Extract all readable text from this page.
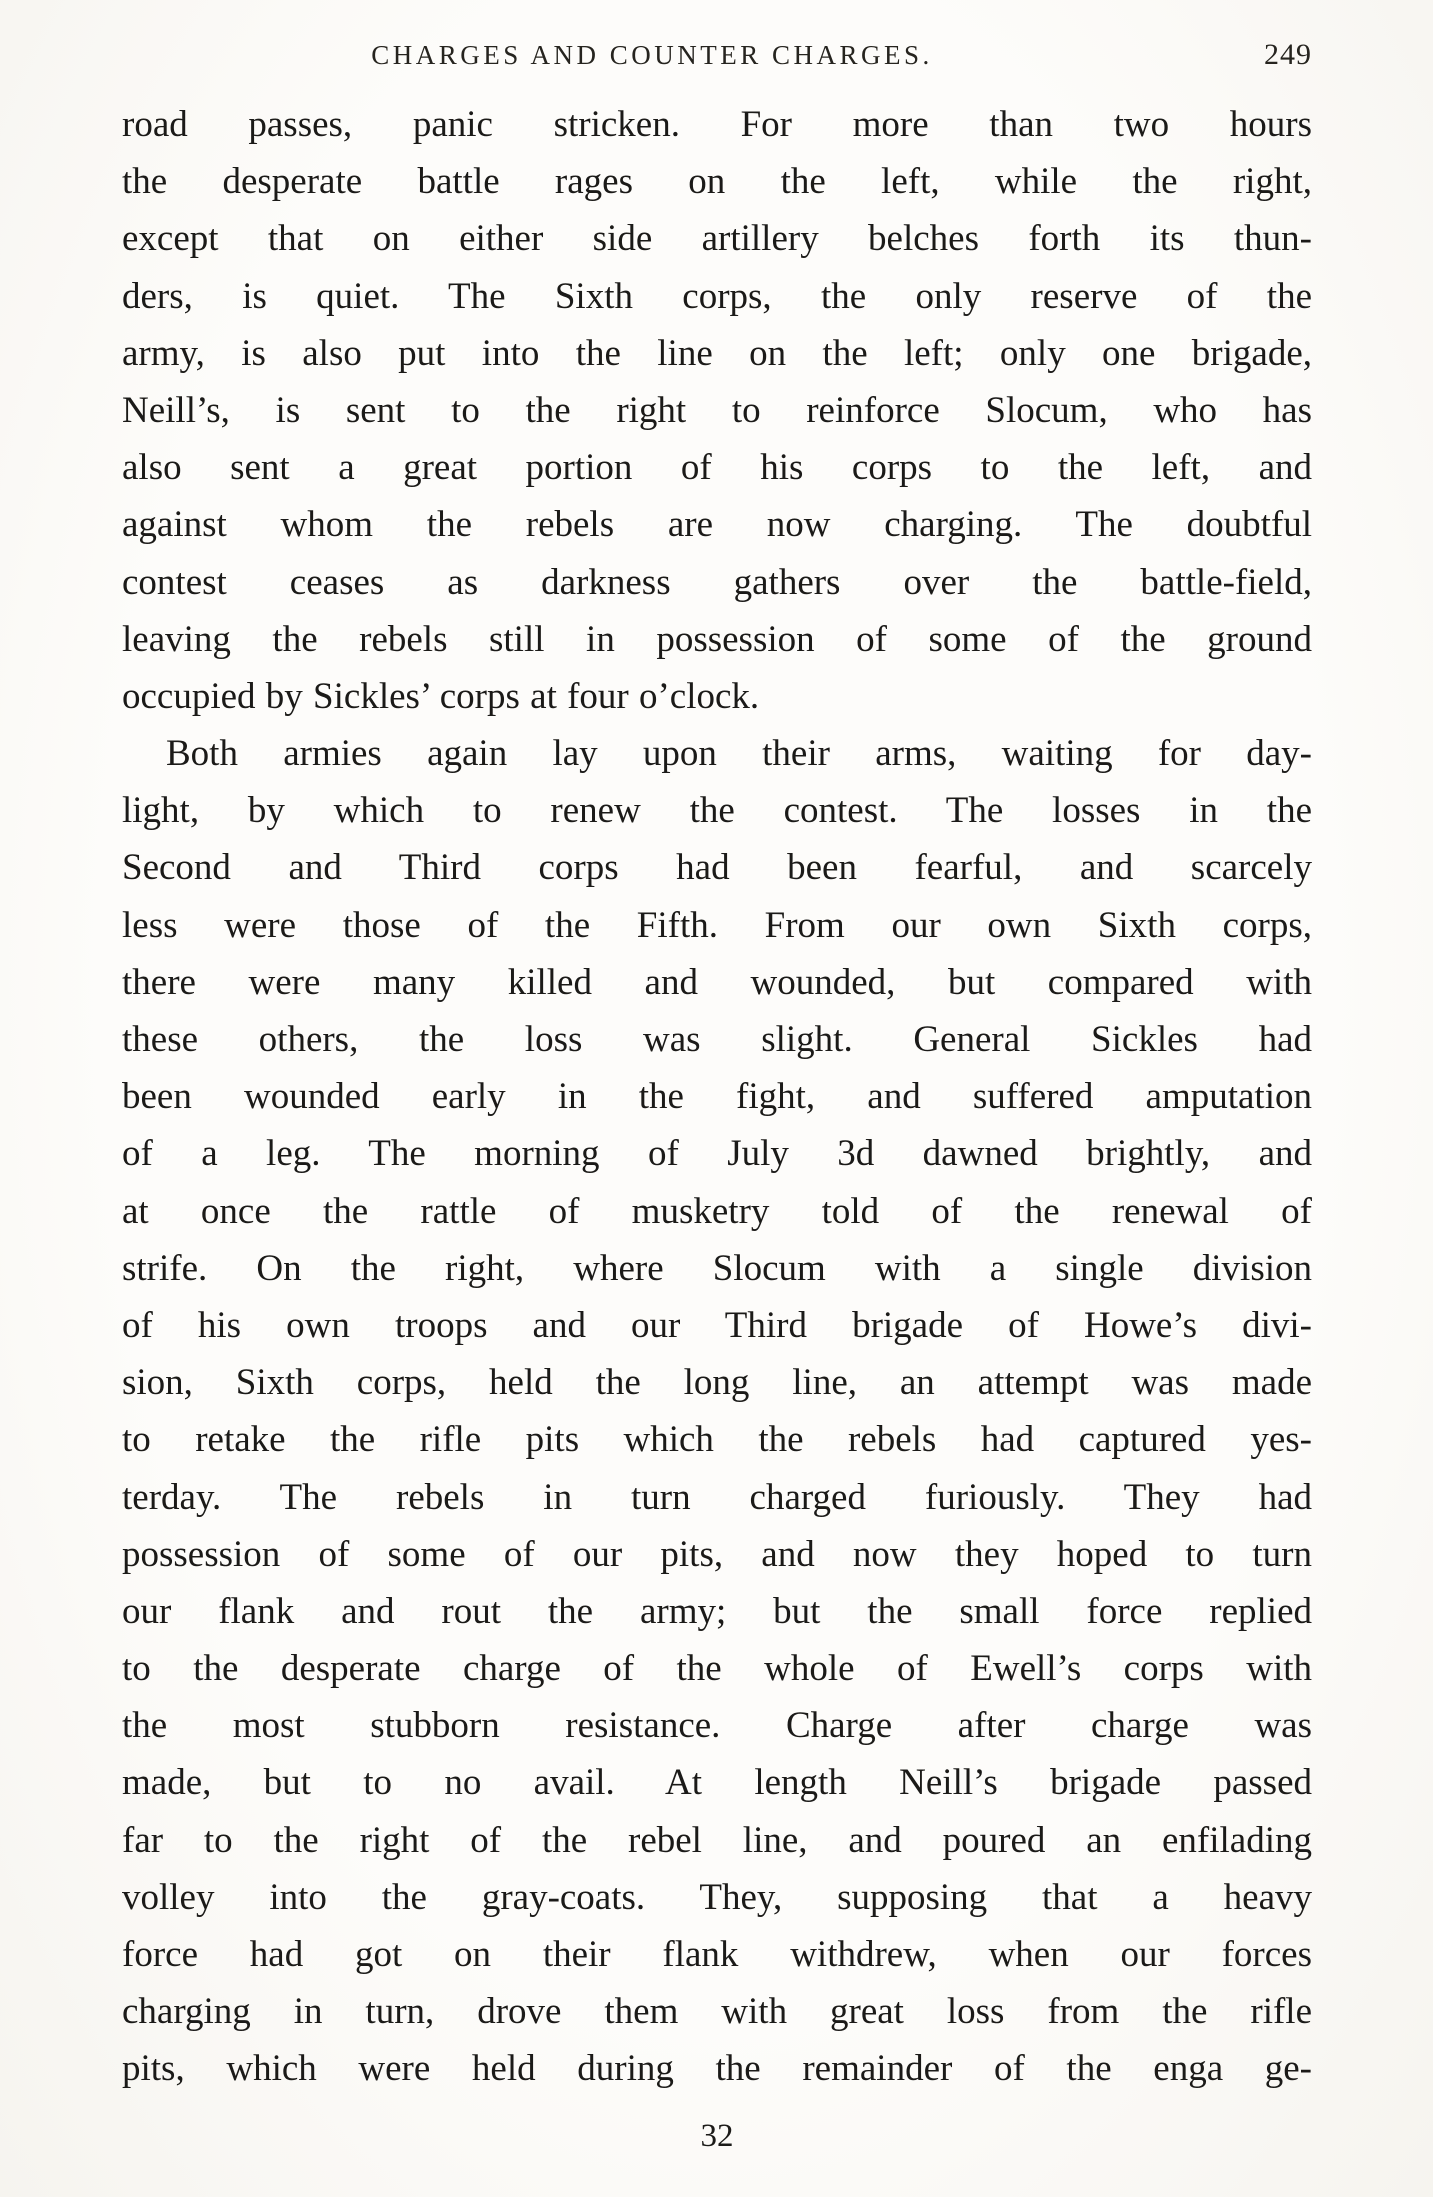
CHARGES AND COUNTER CHARGES.	249
road passes, panic stricken. For more than two hours
the desperate battle rages on the left, while the right,
except that on either side artillery belches forth its thun-
ders, is quiet. The Sixth corps, the only reserve of the
army, is also put into the line on the left; only one brigade,
Neill’s, is sent to the right to reinforce Slocum, who has
also sent a great portion of his corps to the left, and
against whom the rebels are now charging. The doubtful
contest ceases as darkness gathers over the battle-field,
leaving the rebels still in possession of some of the ground
occupied by Sickles’ corps at four o’clock.
Both armies again lay upon their arms, waiting for day-
light, by which to renew the contest. The losses in the
Second and Third corps had been fearful, and scarcely
less were those of the Fifth. From our own Sixth corps,
there were many killed and wounded, but compared with
these others, the loss was slight. General Sickles had
been wounded early in the fight, and suffered amputation
of a leg. The morning of July 3d dawned brightly, and
at once the rattle of musketry told of the renewal of
strife. On the right, where Slocum with a single division
of his own troops and our Third brigade of Howe’s divi-
sion, Sixth corps, held the long line, an attempt was made
to retake the rifle pits which the rebels had captured yes-
terday. The rebels in turn charged furiously. They had
possession of some of our pits, and now they hoped to turn
our flank and rout the army; but the small force replied
to the desperate charge of the whole of Ewell’s corps with
the most stubborn resistance. Charge after charge was
made, but to no avail. At length Neill’s brigade passed
far to the right of the rebel line, and poured an enfilading
volley into the gray-coats. They, supposing that a heavy
force had got on their flank withdrew, when our forces
charging in turn, drove them with great loss from the rifle
pits, which were held during the remainder of the enga ge-
32
